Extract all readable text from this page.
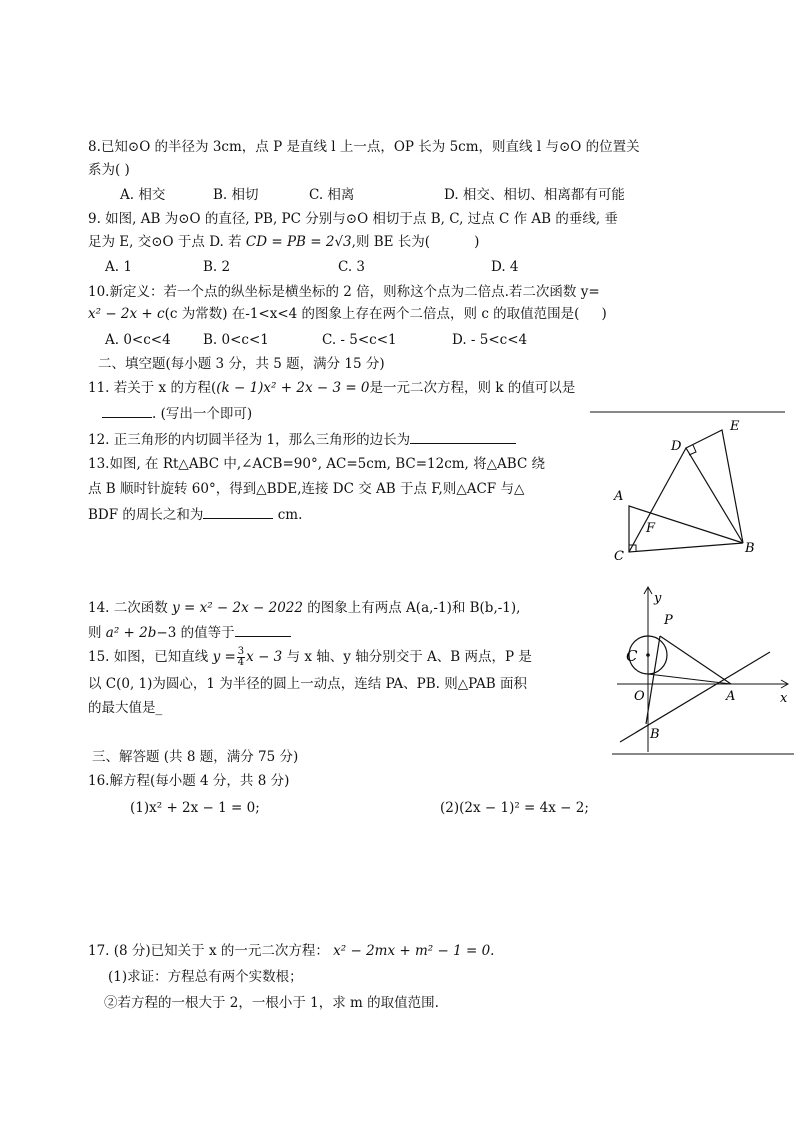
8.已知⊙O 的半径为 3cm，点 P 是直线 l 上一点，OP 长为 5cm，则直线 l 与⊙O 的位置关
系为( )
A. 相交	B. 相切	C. 相离	D. 相交、相切、相离都有可能
9. 如图, AB 为⊙O 的直径, PB, PC 分别与⊙O 相切于点 B, C, 过点 C 作 AB 的垂线, 垂
足为 E, 交⊙O 于点 D. 若 CD = PB = 2√3,则 BE 长为(	)
A. 1	B. 2	C. 3	D. 4
10.新定义：若一个点的纵坐标是横坐标的 2 倍，则称这个点为二倍点.若二次函数 y=
x² − 2x + c(c 为常数) 在-1<x<4 的图象上存在两个二倍点，则 c 的取值范围是( )
A. 0<c<4 B. 0<c<1	C. - 5<c<1	D. - 5<c<4
二、填空题(每小题 3 分，共 5 题，满分 15 分)
11. 若关于 x 的方程((k − 1)x² + 2x − 3 = 0是一元二次方程，则 k 的值可以是
. (写出一个即可)
12. 正三角形的内切圆半径为 1，那么三角形的边长为
13.如图, 在 Rt△ABC 中,∠ACB=90°, AC=5cm, BC=12cm, 将△ABC 绕
点 B 顺时针旋转 60°，得到△BDE,连接 DC 交 AB 于点 F,则△ACF 与△
BDF 的周长之和为	cm.
D
E
A
F
C
B
14. 二次函数 y = x² − 2x − 2022 的图象上有两点 A(a,-1)和 B(b,-1),
则 a² + 2b−3 的值等于
15. 如图，已知直线 $y = \frac{3}{4}$ x − 3 与 x 轴、y 轴分别交于 A、B 两点，P 是
以 C(0, 1)为圆心，1 为半径的圆上一动点，连结 PA、PB. 则△PAB 面积
的最大值是_
y
P
C
O	A	x
B
三、解答题 (共 8 题，满分 75 分)
16.解方程(每小题 4 分，共 8 分)
(1)x² + 2x − 1 = 0;	(2)(2x − 1)² = 4x − 2;
17. (8 分)已知关于 x 的一元二次方程： x² − 2mx + m² − 1 = 0.
(1)求证：方程总有两个实数根；
②若方程的一根大于 2，一根小于 1，求 m 的取值范围.
